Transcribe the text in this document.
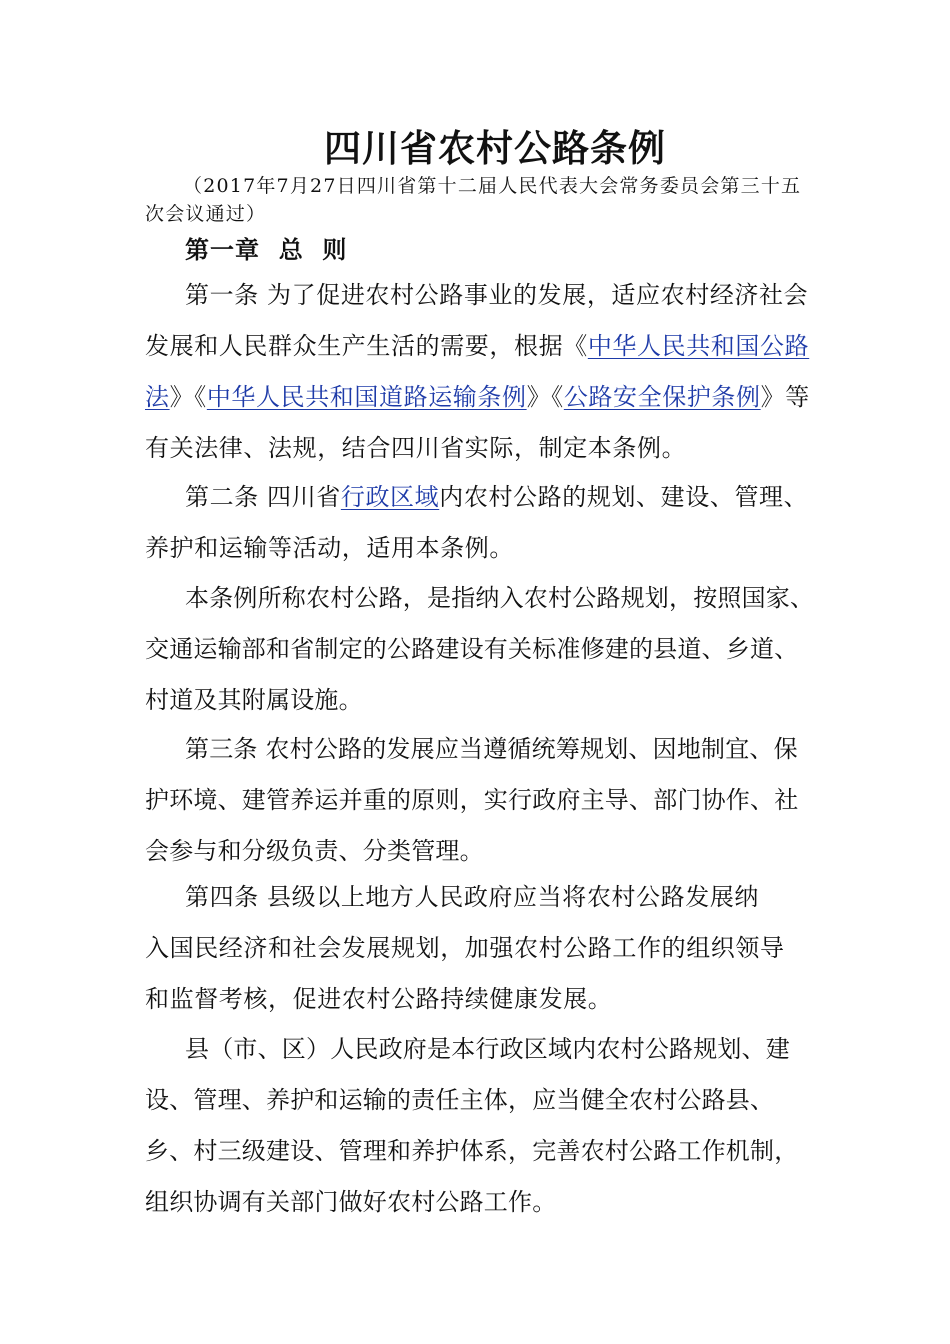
四川省农村公路条例

（2017年7月27日四川省第十二届人民代表大会常务委员会第三十五次会议通过）

第一章  总  则

第一条 为了促进农村公路事业的发展，适应农村经济社会发展和人民群众生产生活的需要，根据《中华人民共和国公路法》《中华人民共和国道路运输条例》《公路安全保护条例》等有关法律、法规，结合四川省实际，制定本条例。

第二条 四川省行政区域内农村公路的规划、建设、管理、养护和运输等活动，适用本条例。

本条例所称农村公路，是指纳入农村公路规划，按照国家、交通运输部和省制定的公路建设有关标准修建的县道、乡道、村道及其附属设施。

第三条 农村公路的发展应当遵循统筹规划、因地制宜、保护环境、建管养运并重的原则，实行政府主导、部门协作、社会参与和分级负责、分类管理。

第四条 县级以上地方人民政府应当将农村公路发展纳
入国民经济和社会发展规划，加强农村公路工作的组织领导
和监督考核，促进农村公路持续健康发展。

县（市、区）人民政府是本行政区域内农村公路规划、建设、管理、养护和运输的责任主体，应当健全农村公路县、乡、村三级建设、管理和养护体系，完善农村公路工作机制，组织协调有关部门做好农村公路工作。
